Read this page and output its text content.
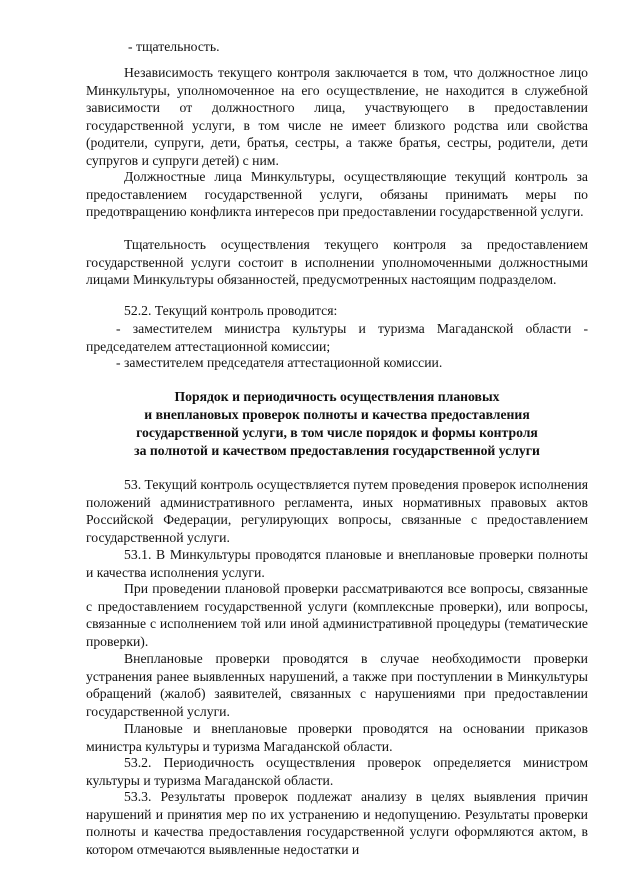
- тщательность.

Независимость текущего контроля заключается в том, что должностное лицо Минкультуры, уполномоченное на его осуществление, не находится в служебной зависимости от должностного лица, участвующего в предоставлении государственной услуги, в том числе не имеет близкого родства или свойства (родители, супруги, дети, братья, сестры, а также братья, сестры, родители, дети супругов и супруги детей) с ним.

Должностные лица Минкультуры, осуществляющие текущий контроль за предоставлением государственной услуги, обязаны принимать меры по предотвращению конфликта интересов при предоставлении государственной услуги.

Тщательность осуществления текущего контроля за предоставлением государственной услуги состоит в исполнении уполномоченными должностными лицами Минкультуры обязанностей, предусмотренных настоящим подразделом.

52.2. Текущий контроль проводится:

- заместителем министра культуры и туризма Магаданской области - председателем аттестационной комиссии;

- заместителем председателя аттестационной комиссии.

Порядок и периодичность осуществления плановых

и внеплановых проверок полноты и качества предоставления

государственной услуги, в том числе порядок и формы контроля

за полнотой и качеством предоставления государственной услуги

53. Текущий контроль осуществляется путем проведения проверок исполнения положений административного регламента, иных нормативных правовых актов Российской Федерации, регулирующих вопросы, связанные с предоставлением государственной услуги.

53.1. В Минкультуры проводятся плановые и внеплановые проверки полноты и качества исполнения услуги.

При проведении плановой проверки рассматриваются все вопросы, связанные с предоставлением государственной услуги (комплексные проверки), или вопросы, связанные с исполнением той или иной административной процедуры (тематические проверки).

Внеплановые проверки проводятся в случае необходимости проверки устранения ранее выявленных нарушений, а также при поступлении в Минкультуры обращений (жалоб) заявителей, связанных с нарушениями при предоставлении государственной услуги.

Плановые и внеплановые проверки проводятся на основании приказов министра культуры и туризма Магаданской области.

53.2. Периодичность осуществления проверок определяется министром культуры и туризма Магаданской области.

53.3. Результаты проверок подлежат анализу в целях выявления причин нарушений и принятия мер по их устранению и недопущению. Результаты проверки полноты и качества предоставления государственной услуги оформляются актом, в котором отмечаются выявленные недостатки и
